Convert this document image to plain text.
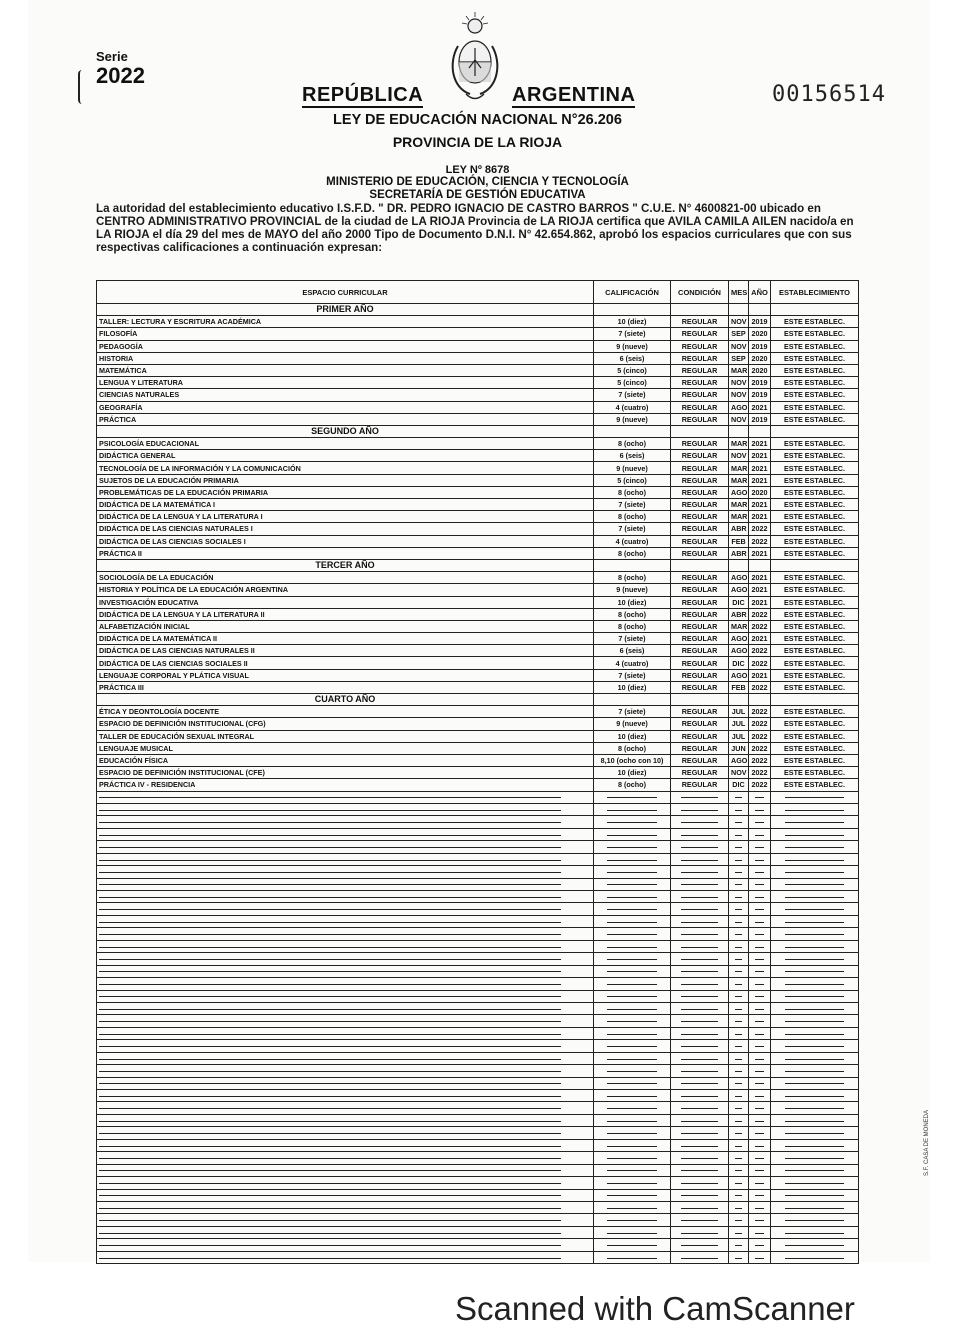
Serie
2022
REPÚBLICA	ARGENTINA	00156514
LEY DE EDUCACIÓN NACIONAL N°26.206
PROVINCIA DE LA RIOJA
LEY Nº 8678
MINISTERIO DE EDUCACIÓN, CIENCIA Y TECNOLOGÍA
SECRETARÍA DE GESTIÓN EDUCATIVA
La autoridad del establecimiento educativo I.S.F.D. " DR. PEDRO IGNACIO DE CASTRO BARROS " C.U.E. N° 4600821-00 ubicado en CENTRO ADMINISTRATIVO PROVINCIAL de la ciudad de LA RIOJA Provincia de LA RIOJA certifica que AVILA CAMILA AILEN nacido/a en LA RIOJA el día 29 del mes de MAYO del año 2000 Tipo de Documento D.N.I. N° 42.654.862, aprobó los espacios curriculares que con sus respectivas calificaciones a continuación expresan:
ESPACIO CURRICULAR	CALIFICACIÓN	CONDICIÓN	MES	AÑO	ESTABLECIMIENTO
PRIMER AÑO					
TALLER: LECTURA Y ESCRITURA ACADÉMICA	10 (diez)	REGULAR	NOV	2019	ESTE ESTABLEC.
FILOSOFÍA	7 (siete)	REGULAR	SEP	2020	ESTE ESTABLEC.
PEDAGOGÍA	9 (nueve)	REGULAR	NOV	2019	ESTE ESTABLEC.
HISTORIA	6 (seis)	REGULAR	SEP	2020	ESTE ESTABLEC.
MATEMÁTICA	5 (cinco)	REGULAR	MAR	2020	ESTE ESTABLEC.
LENGUA Y LITERATURA	5 (cinco)	REGULAR	NOV	2019	ESTE ESTABLEC.
CIENCIAS NATURALES	7 (siete)	REGULAR	NOV	2019	ESTE ESTABLEC.
GEOGRAFÍA	4 (cuatro)	REGULAR	AGO	2021	ESTE ESTABLEC.
PRÁCTICA	9 (nueve)	REGULAR	NOV	2019	ESTE ESTABLEC.
SEGUNDO AÑO					
PSICOLOGÍA EDUCACIONAL	8 (ocho)	REGULAR	MAR	2021	ESTE ESTABLEC.
DIDÁCTICA GENERAL	6 (seis)	REGULAR	NOV	2021	ESTE ESTABLEC.
TECNOLOGÍA DE LA INFORMACIÓN Y LA COMUNICACIÓN	9 (nueve)	REGULAR	MAR	2021	ESTE ESTABLEC.
SUJETOS DE LA EDUCACIÓN PRIMARIA	5 (cinco)	REGULAR	MAR	2021	ESTE ESTABLEC.
PROBLEMÁTICAS DE LA EDUCACIÓN PRIMARIA	8 (ocho)	REGULAR	AGO	2020	ESTE ESTABLEC.
DIDÁCTICA DE LA MATEMÁTICA I	7 (siete)	REGULAR	MAR	2021	ESTE ESTABLEC.
DIDÁCTICA DE LA LENGUA Y LA LITERATURA I	8 (ocho)	REGULAR	MAR	2021	ESTE ESTABLEC.
DIDÁCTICA DE LAS CIENCIAS NATURALES I	7 (siete)	REGULAR	ABR	2022	ESTE ESTABLEC.
DIDÁCTICA DE LAS CIENCIAS SOCIALES I	4 (cuatro)	REGULAR	FEB	2022	ESTE ESTABLEC.
PRÁCTICA II	8 (ocho)	REGULAR	ABR	2021	ESTE ESTABLEC.
TERCER AÑO					
SOCIOLOGÍA DE LA EDUCACIÓN	8 (ocho)	REGULAR	AGO	2021	ESTE ESTABLEC.
HISTORIA Y POLÍTICA DE LA EDUCACIÓN ARGENTINA	9 (nueve)	REGULAR	AGO	2021	ESTE ESTABLEC.
INVESTIGACIÓN EDUCATIVA	10 (diez)	REGULAR	DIC	2021	ESTE ESTABLEC.
DIDÁCTICA DE LA LENGUA Y LA LITERATURA II	8 (ocho)	REGULAR	ABR	2022	ESTE ESTABLEC.
ALFABETIZACIÓN INICIAL	8 (ocho)	REGULAR	MAR	2022	ESTE ESTABLEC.
DIDÁCTICA DE LA MATEMÁTICA II	7 (siete)	REGULAR	AGO	2021	ESTE ESTABLEC.
DIDÁCTICA DE LAS CIENCIAS NATURALES II	6 (seis)	REGULAR	AGO	2022	ESTE ESTABLEC.
DIDÁCTICA DE LAS CIENCIAS SOCIALES II	4 (cuatro)	REGULAR	DIC	2022	ESTE ESTABLEC.
LENGUAJE CORPORAL Y PLÁTICA VISUAL	7 (siete)	REGULAR	AGO	2021	ESTE ESTABLEC.
PRÁCTICA III	10 (diez)	REGULAR	FEB	2022	ESTE ESTABLEC.
CUARTO AÑO					
ÉTICA Y DEONTOLOGÍA DOCENTE	7 (siete)	REGULAR	JUL	2022	ESTE ESTABLEC.
ESPACIO DE DEFINICIÓN INSTITUCIONAL (CFG)	9 (nueve)	REGULAR	JUL	2022	ESTE ESTABLEC.
TALLER DE EDUCACIÓN SEXUAL INTEGRAL	10 (diez)	REGULAR	JUL	2022	ESTE ESTABLEC.
LENGUAJE MUSICAL	8 (ocho)	REGULAR	JUN	2022	ESTE ESTABLEC.
EDUCACIÓN FÍSICA	8,10 (ocho con 10)	REGULAR	AGO	2022	ESTE ESTABLEC.
ESPACIO DE DEFINICIÓN INSTITUCIONAL (CFE)	10 (diez)	REGULAR	NOV	2022	ESTE ESTABLEC.
PRÁCTICA IV - RESIDENCIA	8 (ocho)	REGULAR	DIC	2022	ESTE ESTABLEC.

S.F. CASA DE MONEDA
Scanned with CamScanner
